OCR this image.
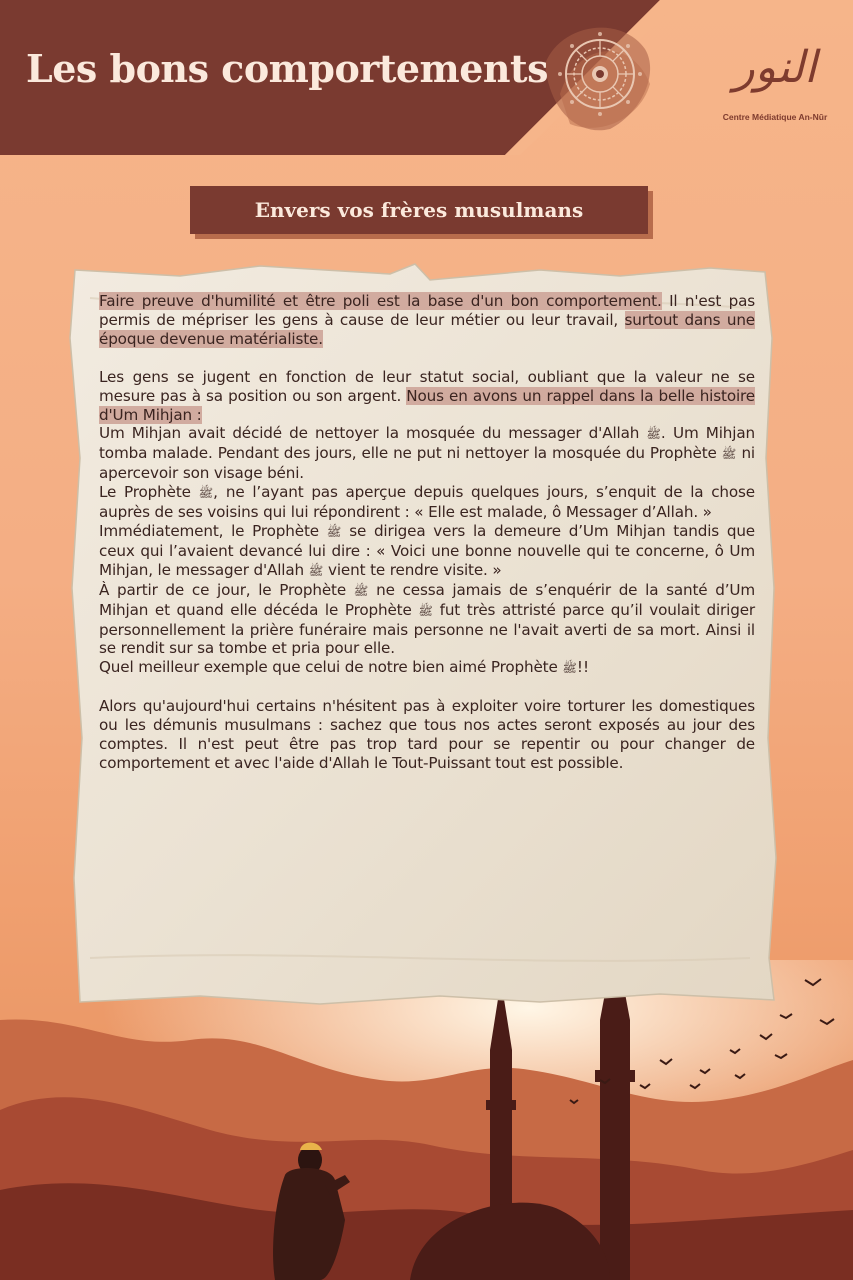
Les bons comportements	النور
Centre Médiatique An-Nūr
Envers vos frères musulmans

Faire preuve d'humilité et être poli est la base d'un bon comportement. Il n'est pas permis de mépriser les gens à cause de leur métier ou leur travail, surtout dans une époque devenue matérialiste.

Les gens se jugent en fonction de leur statut social, oubliant que la valeur ne se mesure pas à sa position ou son argent. Nous en avons un rappel dans la belle histoire d'Um Mihjan :

Um Mihjan avait décidé de nettoyer la mosquée du messager d'Allah ﷺ. Um Mihjan tomba malade. Pendant des jours, elle ne put ni nettoyer la mosquée du Prophète ﷺ ni apercevoir son visage béni.

Le Prophète ﷺ, ne l’ayant pas aperçue depuis quelques jours, s’enquit de la chose auprès de ses voisins qui lui répondirent : « Elle est malade, ô Messager d’Allah. »

Immédiatement, le Prophète ﷺ se dirigea vers la demeure d’Um Mihjan tandis que ceux qui l’avaient devancé lui dire : « Voici une bonne nouvelle qui te concerne, ô Um Mihjan, le messager d'Allah ﷺ vient te rendre visite. »

À partir de ce jour, le Prophète ﷺ ne cessa jamais de s’enquérir de la santé d’Um Mihjan et quand elle décéda le Prophète ﷺ fut très attristé parce qu’il voulait diriger personnellement la prière funéraire mais personne ne l'avait averti de sa mort. Ainsi il se rendit sur sa tombe et pria pour elle.

Quel meilleur exemple que celui de notre bien aimé Prophète ﷺ!!

Alors qu'aujourd'hui certains n'hésitent pas à exploiter voire torturer les domestiques ou les démunis musulmans : sachez que tous nos actes seront exposés au jour des comptes. Il n'est peut être pas trop tard pour se repentir ou pour changer de comportement et avec l'aide d'Allah le Tout-Puissant tout est possible.
